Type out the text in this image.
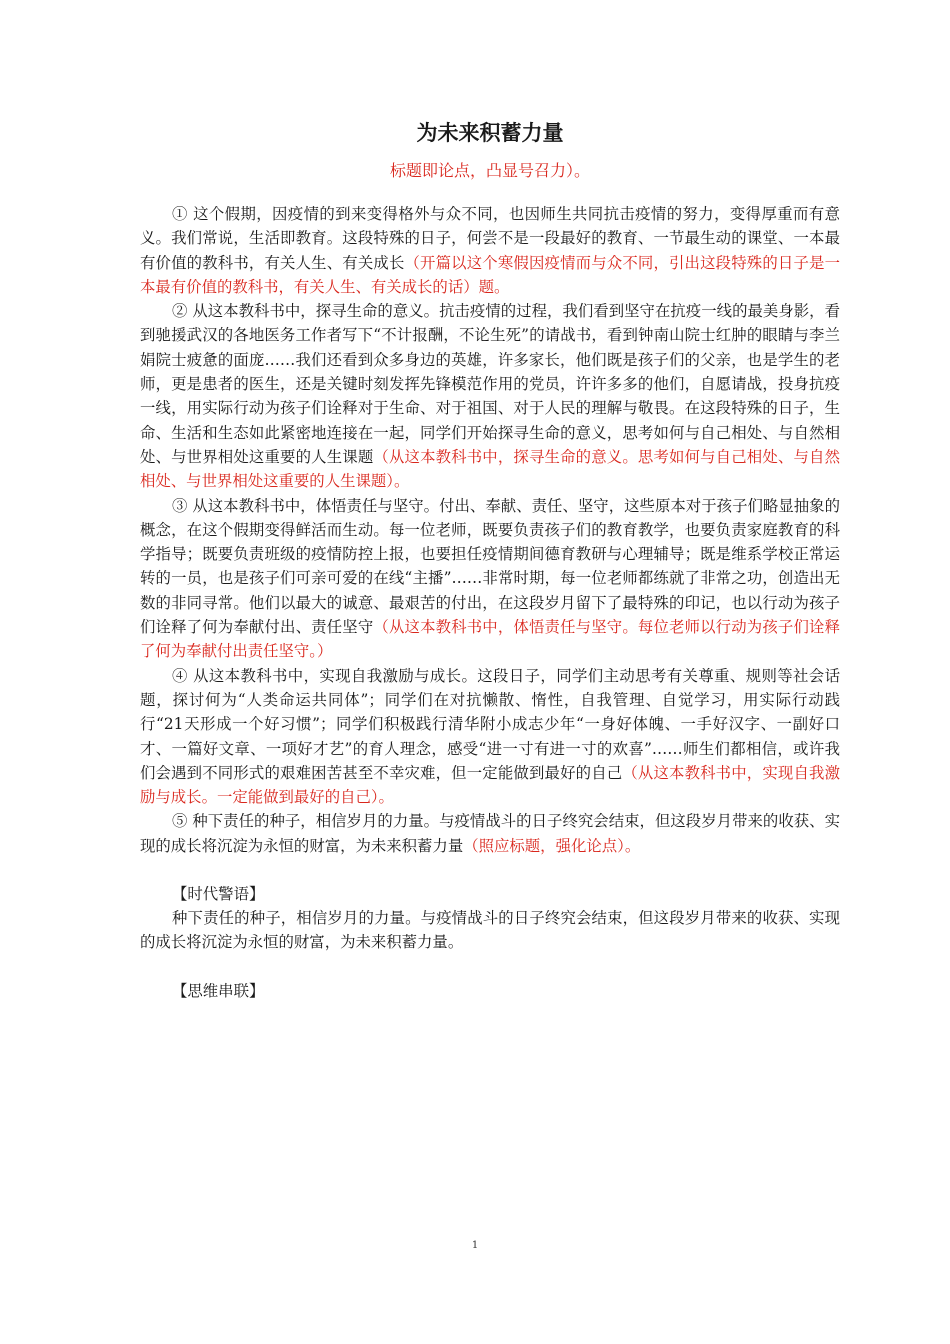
为未来积蓄力量

标题即论点，凸显号召力）。

① 这个假期，因疫情的到来变得格外与众不同，也因师生共同抗击疫情的努力，变得厚重而有意义。我们常说，生活即教育。这段特殊的日子，何尝不是一段最好的教育、一节最生动的课堂、一本最有价值的教科书，有关人生、有关成长（开篇以这个寒假因疫情而与众不同，引出这段特殊的日子是一本最有价值的教科书，有关人生、有关成长的话）题。

② 从这本教科书中，探寻生命的意义。抗击疫情的过程，我们看到坚守在抗疫一线的最美身影，看到驰援武汉的各地医务工作者写下“不计报酬，不论生死”的请战书，看到钟南山院士红肿的眼睛与李兰娟院士疲惫的面庞……我们还看到众多身边的英雄，许多家长，他们既是孩子们的父亲，也是学生的老师，更是患者的医生，还是关键时刻发挥先锋模范作用的党员，许许多多的他们，自愿请战，投身抗疫一线，用实际行动为孩子们诠释对于生命、对于祖国、对于人民的理解与敬畏。在这段特殊的日子，生命、生活和生态如此紧密地连接在一起，同学们开始探寻生命的意义，思考如何与自己相处、与自然相处、与世界相处这重要的人生课题（从这本教科书中，探寻生命的意义。思考如何与自己相处、与自然相处、与世界相处这重要的人生课题）。

③ 从这本教科书中，体悟责任与坚守。付出、奉献、责任、坚守，这些原本对于孩子们略显抽象的概念，在这个假期变得鲜活而生动。每一位老师，既要负责孩子们的教育教学，也要负责家庭教育的科学指导；既要负责班级的疫情防控上报，也要担任疫情期间德育教研与心理辅导；既是维系学校正常运转的一员，也是孩子们可亲可爱的在线“主播”……非常时期，每一位老师都练就了非常之功，创造出无数的非同寻常。他们以最大的诚意、最艰苦的付出，在这段岁月留下了最特殊的印记，也以行动为孩子们诠释了何为奉献付出、责任坚守（从这本教科书中，体悟责任与坚守。每位老师以行动为孩子们诠释了何为奉献付出责任坚守。）

④ 从这本教科书中，实现自我激励与成长。这段日子，同学们主动思考有关尊重、规则等社会话题，探讨何为“人类命运共同体”；同学们在对抗懒散、惰性，自我管理、自觉学习，用实际行动践行“21天形成一个好习惯”；同学们积极践行清华附小成志少年“一身好体魄、一手好汉字、一副好口才、一篇好文章、一项好才艺”的育人理念，感受“进一寸有进一寸的欢喜”……师生们都相信，或许我们会遇到不同形式的艰难困苦甚至不幸灾难，但一定能做到最好的自己（从这本教科书中，实现自我激励与成长。一定能做到最好的自己）。

⑤ 种下责任的种子，相信岁月的力量。与疫情战斗的日子终究会结束，但这段岁月带来的收获、实现的成长将沉淀为永恒的财富，为未来积蓄力量（照应标题，强化论点）。

【时代警语】

种下责任的种子，相信岁月的力量。与疫情战斗的日子终究会结束，但这段岁月带来的收获、实现的成长将沉淀为永恒的财富，为未来积蓄力量。

【思维串联】

1
